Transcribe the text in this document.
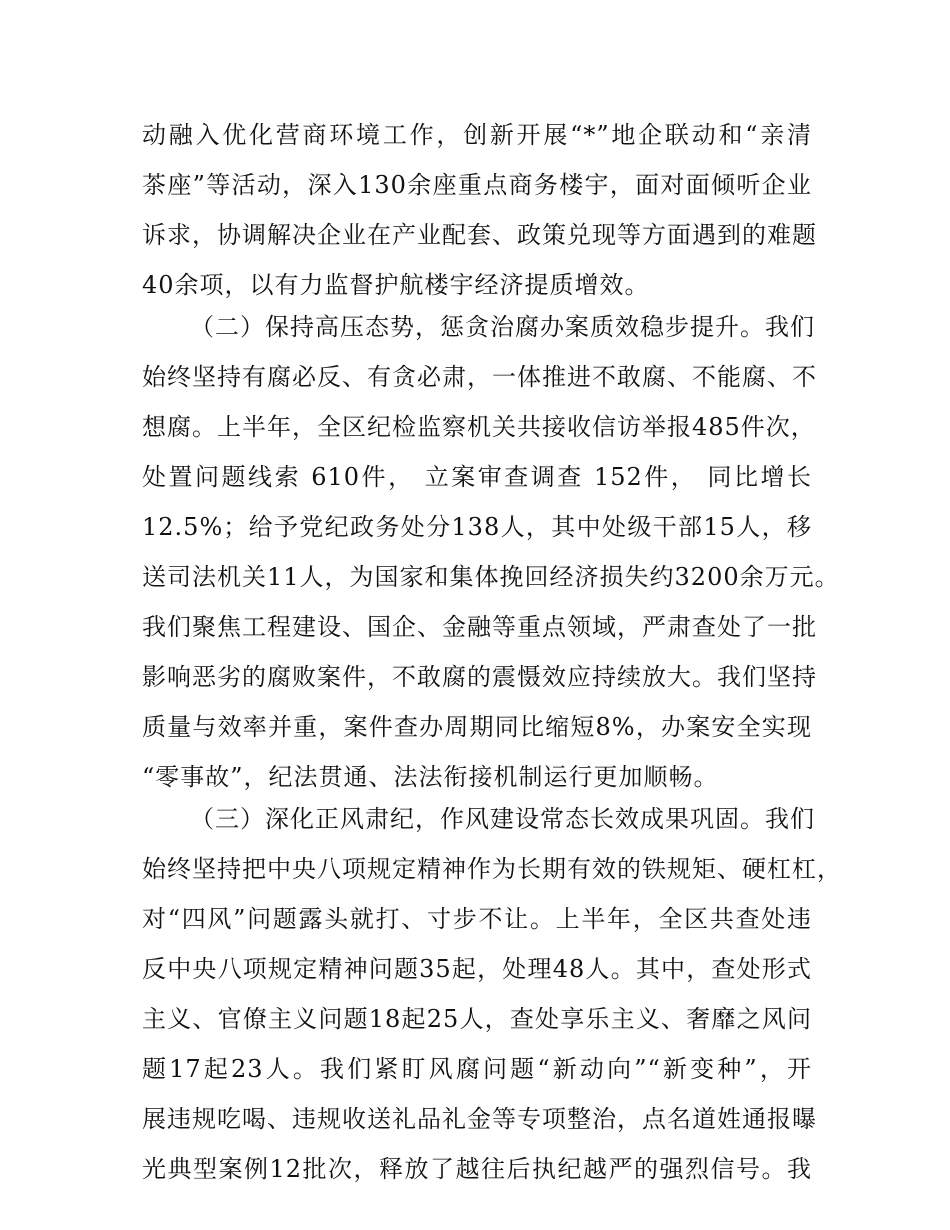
动融入优化营商环境工作，创新开展“*”地企联动和“亲清
茶座”等活动，深入130余座重点商务楼宇，面对面倾听企业
诉求，协调解决企业在产业配套、政策兑现等方面遇到的难题
40余项，以有力监督护航楼宇经济提质增效。
（二）保持高压态势，惩贪治腐办案质效稳步提升。我们
始终坚持有腐必反、有贪必肃，一体推进不敢腐、不能腐、不
想腐。上半年，全区纪检监察机关共接收信访举报485件次，
处置问题线索 610件， 立案审查调查 152件， 同比增长
12.5%；给予党纪政务处分138人，其中处级干部15人，移
送司法机关11人，为国家和集体挽回经济损失约3200余万元。
我们聚焦工程建设、国企、金融等重点领域，严肃查处了一批
影响恶劣的腐败案件，不敢腐的震慑效应持续放大。我们坚持
质量与效率并重，案件查办周期同比缩短8%，办案安全实现
“零事故”，纪法贯通、法法衔接机制运行更加顺畅。
（三）深化正风肃纪，作风建设常态长效成果巩固。我们
始终坚持把中央八项规定精神作为长期有效的铁规矩、硬杠杠，
对“四风”问题露头就打、寸步不让。上半年，全区共查处违
反中央八项规定精神问题35起，处理48人。其中，查处形式
主义、官僚主义问题18起25人，查处享乐主义、奢靡之风问
题17起23人。我们紧盯风腐问题“新动向”“新变种”，开
展违规吃喝、违规收送礼品礼金等专项整治，点名道姓通报曝
光典型案例12批次，释放了越往后执纪越严的强烈信号。我
